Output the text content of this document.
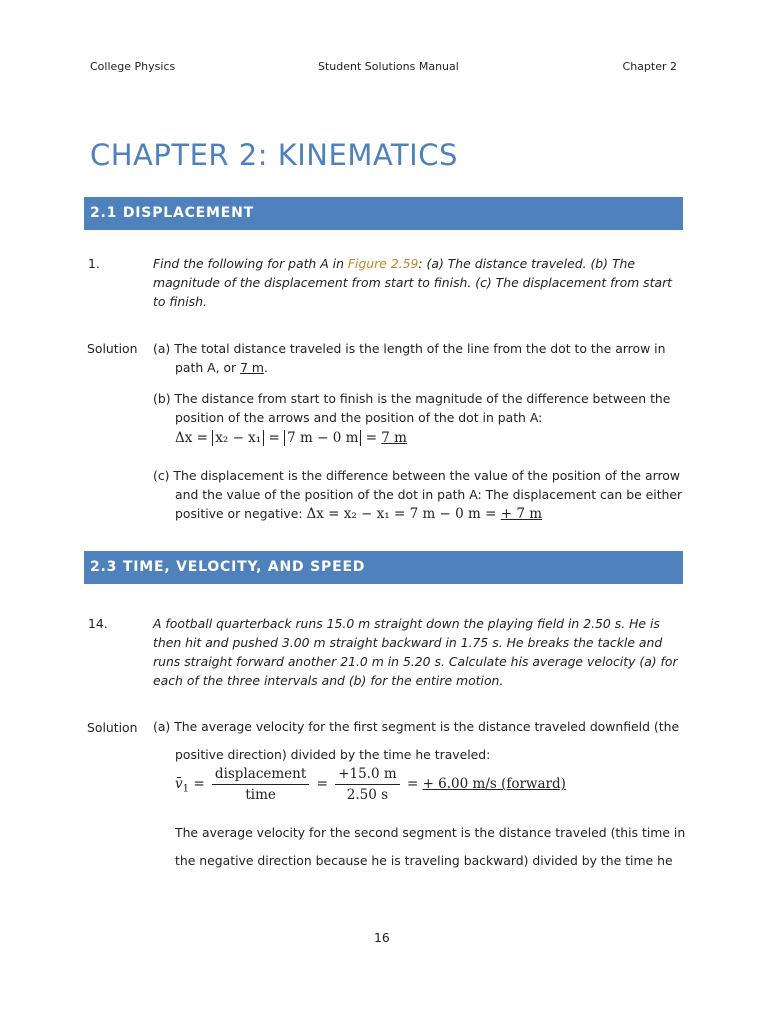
College Physics	Student Solutions Manual	Chapter 2
CHAPTER 2: KINEMATICS
2.1 DISPLACEMENT
1.	Find the following for path A in Figure 2.59: (a) The distance traveled. (b) The magnitude of the displacement from start to finish. (c) The displacement from start to finish.
Solution (a) The total distance traveled is the length of the line from the dot to the arrow in
path A, or 7 m.
(b) The distance from start to finish is the magnitude of the difference between the
position of the arrows and the position of the dot in path A:
Δx = x₂ − x₁ = 7 m − 0 m = 7 m
(c) The displacement is the difference between the value of the position of the arrow
and the value of the position of the dot in path A: The displacement can be either
positive or negative: Δx = x₂ − x₁ = 7 m − 0 m = + 7 m
2.3 TIME, VELOCITY, AND SPEED
14.	A football quarterback runs 15.0 m straight down the playing field in 2.50 s. He is
then hit and pushed 3.00 m straight backward in 1.75 s. He breaks the tackle and
runs straight forward another 21.0 m in 5.20 s. Calculate his average velocity (a) for
each of the three intervals and (b) for the entire motion.
Solution (a) The average velocity for the first segment is the distance traveled downfield (the
positive direction) divided by the time he traveled:
$v_1 = \frac{\text{displacement}}{\text{time}} = \frac{+15.0 m}{2.50 s}$ = + 6.00 m/s (forward)
The average velocity for the second segment is the distance traveled (this time in
the negative direction because he is traveling backward) divided by the time he
16
